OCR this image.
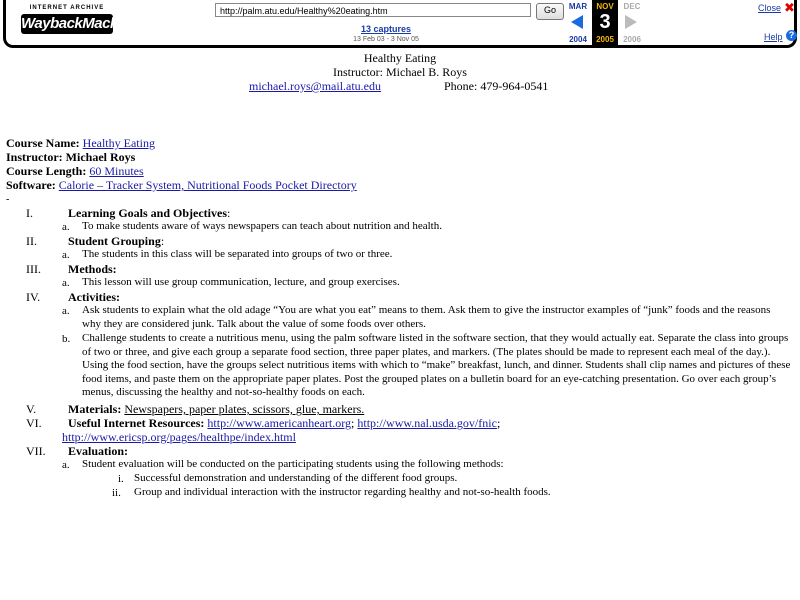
INTERNET ARCHIVE
WaybackMachine
http://palm.atu.edu/Healthy%20eating.htm	Go
13 captures
13 Feb 03 - 3 Nov 05
MAR
2004
NOV
3
2005
DEC
2006
Close ✖
Help ?
Healthy Eating
Instructor: Michael B. Roys
michael.roys@mail.atu.edu	Phone: 479-964-0541
Course Name: Healthy Eating
Instructor: Michael Roys
Course Length: 60 Minutes
Software: Calorie – Tracker System, Nutritional Foods Pocket Directory
-
I.	Learning Goals and Objectives:
a. To make students aware of ways newspapers can teach about nutrition and health.
II.	Student Grouping:
a. The students in this class will be separated into groups of two or three.
III. Methods:
a. This lesson will use group communication, lecture, and group exercises.
IV. Activities:
a. Ask students to explain what the old adage “You are what you eat” means to them. Ask them to give the instructor examples of “junk” foods and the reasons why they are considered junk. Talk about the value of some foods over others.
b. Challenge students to create a nutritious menu, using the palm software listed in the software section, that they would actually eat. Separate the class into groups of two or three, and give each group a separate food section, three paper plates, and markers. (The plates should be made to represent each meal of the day.). Using the food section, have the groups select nutritious items with which to “make” breakfast, lunch, and dinner. Students shall clip names and pictures of these food items, and paste them on the appropriate paper plates. Post the grouped plates on a bulletin board for an eye-catching presentation. Go over each group’s menus, discussing the healthy and not-so-healthy foods on each.
V.	Materials: Newspapers, paper plates, scissors, glue, markers.
VI. Useful Internet Resources: http://www.americanheart.org; http://www.nal.usda.gov/fnic;
http://www.ericsp.org/pages/healthpe/index.html
VII. Evaluation:
a. Student evaluation will be conducted on the participating students using the following methods:
i. Successful demonstration and understanding of the different food groups.
ii. Group and individual interaction with the instructor regarding healthy and not-so-health foods.
